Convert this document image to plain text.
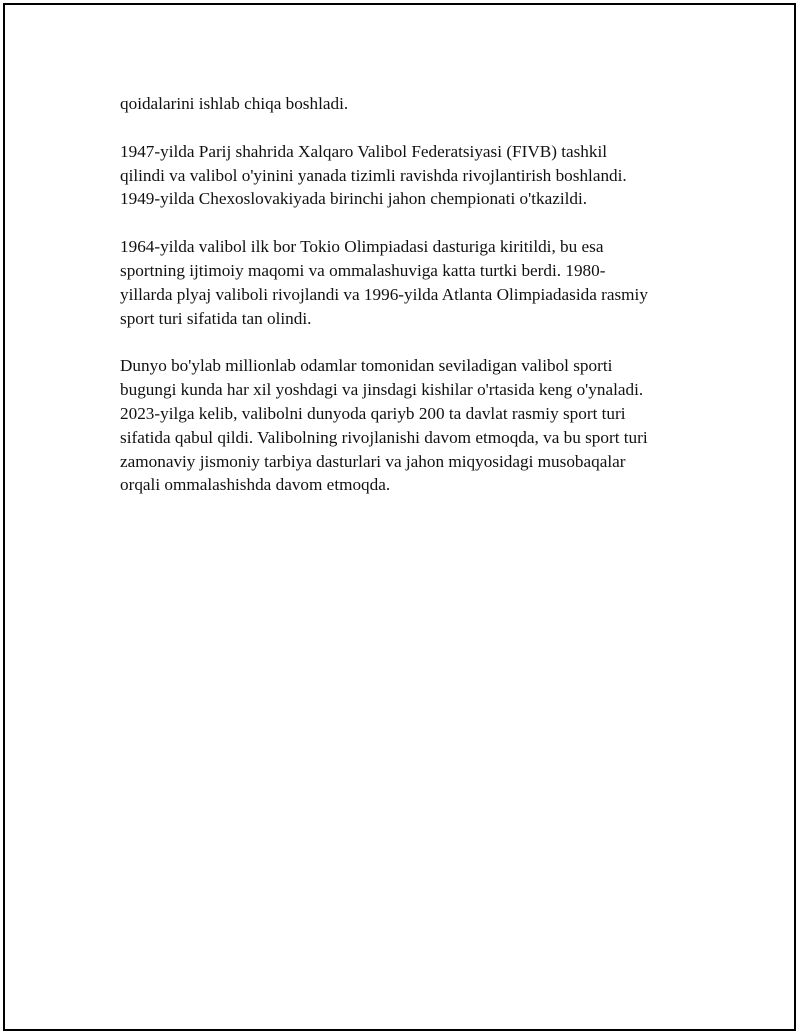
qoidalarini ishlab chiqa boshladi.

1947-yilda Parij shahrida Xalqaro Valibol Federatsiyasi (FIVB) tashkil
qilindi va valibol o'yinini yanada tizimli ravishda rivojlantirish boshlandi.
1949-yilda Chexoslovakiyada birinchi jahon chempionati o'tkazildi.

1964-yilda valibol ilk bor Tokio Olimpiadasi dasturiga kiritildi, bu esa
sportning ijtimoiy maqomi va ommalashuviga katta turtki berdi. 1980-
yillarda plyaj valiboli rivojlandi va 1996-yilda Atlanta Olimpiadasida rasmiy
sport turi sifatida tan olindi.

Dunyo bo'ylab millionlab odamlar tomonidan seviladigan valibol sporti
bugungi kunda har xil yoshdagi va jinsdagi kishilar o'rtasida keng o'ynaladi.
2023-yilga kelib, valibolni dunyoda qariyb 200 ta davlat rasmiy sport turi
sifatida qabul qildi. Valibolning rivojlanishi davom etmoqda, va bu sport turi
zamonaviy jismoniy tarbiya dasturlari va jahon miqyosidagi musobaqalar
orqali ommalashishda davom etmoqda.
